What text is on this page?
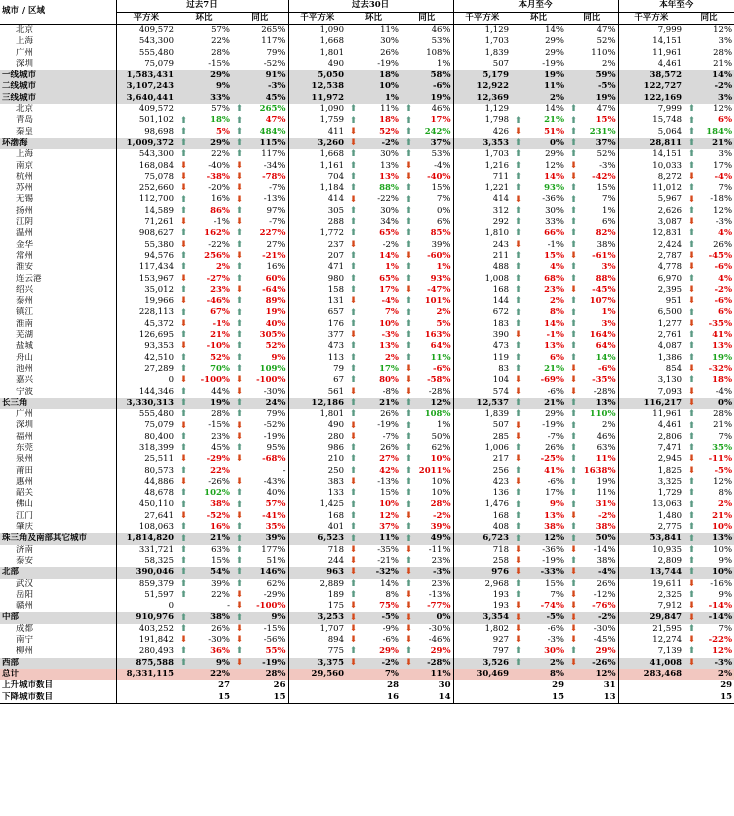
城市 / 区域	过去7日			过去30日			本月至今			本年至今	
	平方米	环比	同比	千平方米	环比	同比	千平方米	环比	同比	千平方米	同比
北京	409,572	57%	265%	1,090	11%	46%	1,129	14%	47%	7,999	12%
上海	543,300	22%	117%	1,668	30%	53%	1,703	29%	52%	14,151	3%
广州	555,480	28%	79%	1,801	26%	108%	1,839	29%	110%	11,961	28%
深圳	75,079	-15%	-52%	490	-19%	1%	507	-19%	2%	4,461	21%
一线城市	1,583,431	29%	91%	5,050	18%	58%	5,179	19%	59%	38,572	14%
二线城市	3,107,243	9%	-3%	12,538	10%	-6%	12,922	11%	-5%	122,727	-2%
三线城市	3,640,441	33%	45%	11,972	1%	19%	12,369	2%	19%	122,169	3%
北京	409,572	57%	⬆ 265%	1,090	⬆ 11%	⬆ 46%	1,129	14%	⬆ 47%	7,999	⬆ 12%

青岛	501,102	⬆ 18%	⬆ 47%	1,759	⬆ 18%	⬆ 17%	1,798	⬆ 21%	⬆ 15%	15,748	⬆ 6%

秦皇	98,698	⬆ 5%	⬆ 484%	411	⬇ 52%	⬆ 242%	426	⬇ 51%	⬆ 231%	5,064	⬆ 184%

环渤海	1,009,372	⬆ 29%	⬆ 115%	3,260	⬇ -2%	⬆ 37%	3,353	⬆ 0%	⬆ 37%	28,811	⬆ 21%

上海	543,300	⬆ 22%	⬆ 117%	1,668	⬆ 30%	⬆ 53%	1,703	⬆ 29%	⬆ 52%	14,151	⬆ 3%

南京	168,084	⬇ -40%	⬇ -34%	1,161	⬆ 13%	⬇ -4%	1,216	⬆ 12%	⬇ -3%	10,033	⬆ 17%

杭州	75,078	⬇ -38%	⬇ -78%	704	⬆ 13%	⬇ -40%	711	⬆ 14%	⬇ -42%	8,272	⬇ -4%

苏州	252,660	⬇ -20%	⬇ -7%	1,184	⬆ 88%	⬆ 15%	1,221	⬆ 93%	⬆ 15%	11,012	⬆ 7%

无锡	112,700	⬆ 16%	⬇ -13%	414	⬇ -22%	⬆ 7%	414	⬇ -36%	⬆ 7%	5,967	⬇ -18%

扬州	14,589	⬆ 86%	⬆ 97%	305	⬆ 30%	⬆ 0%	312	⬆ 30%	⬆ 1%	2,626	⬆ 12%

江阴	71,261	⬇ -1%	⬇ -7%	288	⬆ 34%	⬆ 6%	292	⬆ 33%	⬆ 6%	3,087	⬇ -3%

温州	908,627	⬆ 162%	⬆ 227%	1,772	⬆ 65%	⬆ 85%	1,810	⬆ 66%	⬆ 82%	12,831	⬆ 4%

金华	55,380	⬇ -22%	⬆ 27%	237	⬇ -2%	⬆ 39%	243	⬇ -1%	⬆ 38%	2,424	⬆ 26%

常州	94,576	⬆ 256%	⬇ -21%	207	⬆ 14%	⬇ -60%	211	⬆ 15%	⬇ -61%	2,787	⬇ -45%

淮安	117,434	⬆ 2%	⬆ 16%	471	⬆ 1%	⬆ 1%	488	⬆ 4%	⬆ 3%	4,778	⬇ -6%

连云港	153,967	⬇ -27%	⬆ 60%	980	⬆ 65%	⬆ 93%	1,008	⬆ 68%	⬆ 88%	6,970	⬆ 4%

绍兴	35,012	⬆ 23%	⬇ -64%	158	⬆ 17%	⬇ -47%	168	⬆ 23%	⬇ -45%	2,395	⬇ -2%

泰州	19,966	⬇ -46%	⬆ 89%	131	⬇ -4%	⬆ 101%	144	⬆ 2%	⬆ 107%	951	⬇ -6%

镇江	228,113	⬆ 67%	⬆ 19%	657	⬆ 7%	⬆ 2%	672	⬆ 8%	⬆ 1%	6,500	⬆ 6%

淮南	45,372	⬇ -1%	⬆ 40%	176	⬆ 10%	⬆ 5%	183	⬆ 14%	⬆ 3%	1,277	⬇ -35%

芜湖	126,695	⬆ 21%	⬆ 305%	377	⬇ -3%	⬆ 163%	390	⬇ -1%	⬆ 164%	2,761	⬆ 41%

盐城	93,353	⬇ -10%	⬆ 52%	473	⬆ 13%	⬆ 64%	473	⬆ 13%	⬆ 64%	4,087	⬆ 13%

舟山	42,510	⬆ 52%	⬆ 9%	113	⬆ 2%	⬆ 11%	119	⬆ 6%	⬆ 14%	1,386	⬆ 19%

池州	27,289	⬆ 70%	⬆ 109%	79	⬆ 17%	⬇ -6%	83	⬆ 21%	⬇ -6%	854	⬇ -32%

嘉兴	0	⬇ -100%	⬇ -100%	67	⬆ 80%	⬇ -58%	104	⬇ -69%	⬇ -35%	3,130	⬆ 18%

宁波	144,346	⬆ 44%	⬇ -30%	561	⬇ -8%	⬇ -28%	574	⬇ -6%	⬇ -28%	7,093	⬇ -4%

长三角	3,330,313	⬆ 19%	⬆ 24%	12,186	⬆ 21%	⬆ 12%	12,537	⬆ 21%	⬆ 13%	116,217	⬇ 0%

广州	555,480	⬆ 28%	⬆ 79%	1,801	⬆ 26%	⬆ 108%	1,839	⬆ 29%	⬆ 110%	11,961	⬆ 28%

深圳	75,079	⬇ -15%	⬇ -52%	490	⬇ -19%	⬆ 1%	507	⬇ -19%	⬆ 2%	4,461	⬆ 21%

福州	80,400	⬆ 23%	⬇ -19%	280	⬇ -7%	⬆ 50%	285	⬇ -7%	⬆ 46%	2,806	⬆ 7%

东莞	318,399	⬆ 45%	⬆ 95%	986	⬆ 26%	⬆ 62%	1,006	⬆ 26%	⬆ 63%	7,471	⬆ 35%

泉州	25,511	⬇ -29%	⬇ -68%	210	⬆ 27%	⬆ 10%	217	⬇ -25%	⬆ 11%	2,945	⬇ -11%

莆田	80,573	⬆ 22%	-	250	⬆ 42%	⬆ 2011%	256	⬆ 41%	⬆ 1638%	1,825	⬇ -5%

惠州	44,886	⬇ -26%	⬇ -43%	383	⬇ -13%	⬆ 10%	423	⬇ -6%	⬆ 19%	3,325	⬆ 12%

韶关	48,678	⬆ 102%	⬆ 40%	133	⬆ 15%	⬆ 10%	136	⬆ 17%	⬆ 11%	1,729	⬆ 8%

佛山	450,110	⬆ 38%	⬆ 57%	1,425	⬆ 10%	⬆ 28%	1,476	⬆ 9%	⬆ 31%	13,063	⬆ 2%

江门	27,641	⬇ -52%	⬇ -41%	168	⬆ 12%	⬇ -2%	168	⬆ 13%	⬇ -2%	1,480	⬆ 21%

肇庆	108,063	⬆ 16%	⬆ 35%	401	⬆ 37%	⬆ 39%	408	⬆ 38%	⬆ 38%	2,775	⬆ 10%

珠三角及南部其它城市	1,814,820	⬆ 21%	⬆ 39%	6,523	⬆ 11%	⬆ 49%	6,723	⬆ 12%	⬆ 50%	53,841	⬆ 13%

济南	331,721	⬆ 63%	⬆ 177%	718	⬇ -35%	⬇ -11%	718	⬇ -36%	⬇ -14%	10,935	⬆ 10%

泰安	58,325	⬆ 15%	⬆ 51%	244	⬇ -21%	⬆ 23%	258	⬇ -19%	⬆ 38%	2,809	⬆ 9%

北部	390,046	⬆ 54%	⬆ 146%	963	⬇ -32%	⬇ -3%	976	⬇ -33%	⬇ -4%	13,744	⬆ 10%

武汉	859,379	⬆ 39%	⬆ 62%	2,889	⬆ 14%	⬆ 23%	2,968	⬆ 15%	⬆ 26%	19,611	⬇ -16%

岳阳	51,597	⬆ 22%	⬇ -29%	189	⬆ 8%	⬇ -13%	193	⬆ 7%	⬇ -12%	2,325	⬆ 9%

赣州	0	-	⬇ -100%	175	⬇ 75%	⬇ -77%	193	⬇ -74%	⬇ -76%	7,912	⬇ -14%

中部	910,976	⬆ 38%	⬆ 9%	3,253	⬇ -5%	⬇ 0%	3,354	⬇ -5%	⬇ -2%	29,847	⬇ -14%

成都	403,252	⬆ 26%	⬇ -15%	1,707	⬇ -9%	⬇ -30%	1,802	⬇ -6%	⬇ -30%	21,595	⬆ 7%

南宁	191,842	⬇ -30%	⬇ -56%	894	⬇ -6%	⬇ -46%	927	⬇ -3%	⬇ -45%	12,274	⬇ -22%

柳州	280,493	⬆ 36%	⬆ 55%	775	⬆ 29%	⬆ 29%	797	⬆ 30%	⬆ 29%	7,139	⬆ 12%

西部	875,588	⬆ 9%	⬇ -19%	3,375	⬇ -2%	⬇ -28%	3,526	⬆ 2%	⬇ -26%	41,008	⬇ -3%

总计	8,331,115	22%	28%	29,560	7%	11%	30,469	8%	12%	283,468	2%
上升城市数目		27	26		28	30		29	31		29
下降城市数目		15	15		16	14		15	13		15
